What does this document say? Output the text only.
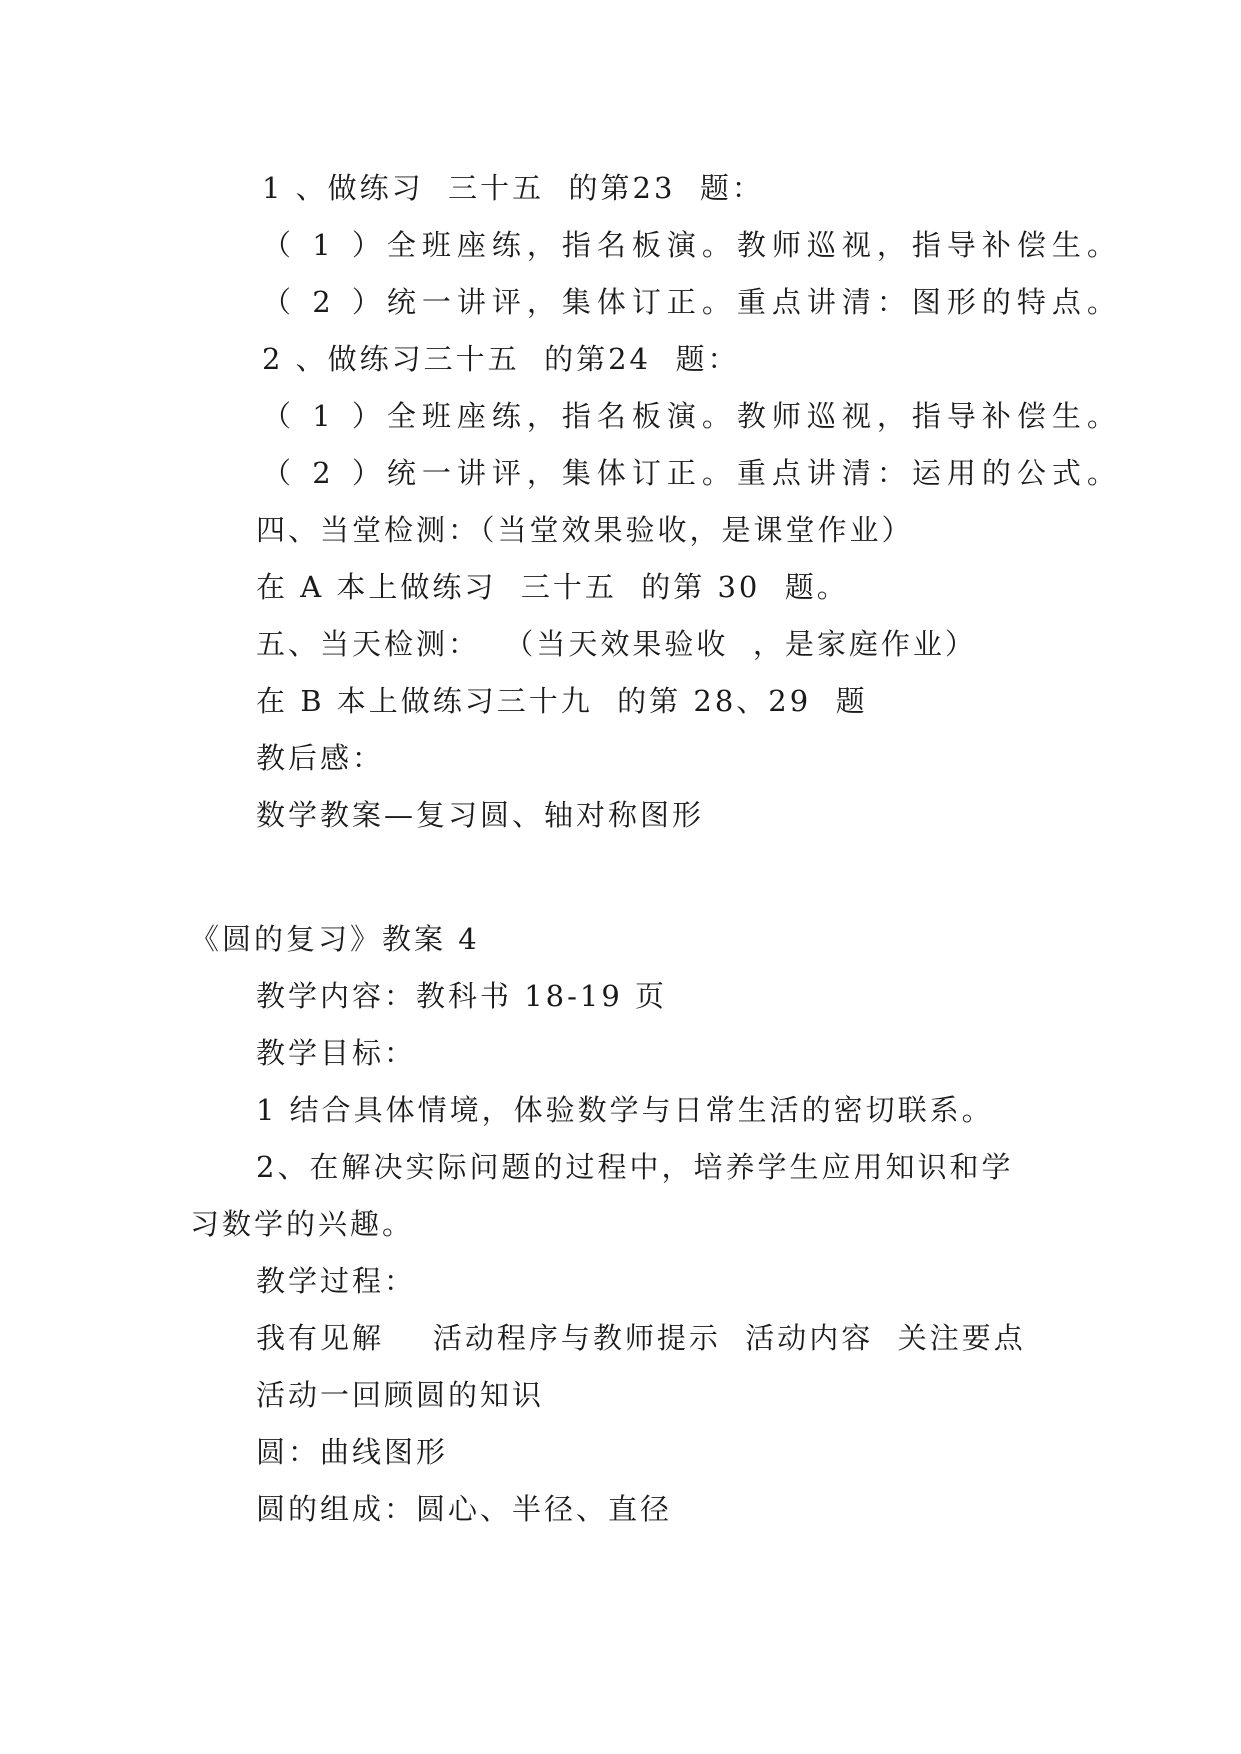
1 、做练习  三十五  的第23  题：
（ 1 ）全班座练，指名板演。教师巡视，指导补偿生。
（ 2 ）统一讲评，集体订正。重点讲清：图形的特点。
2 、做练习三十五  的第24  题：
（ 1 ）全班座练，指名板演。教师巡视，指导补偿生。
（ 2 ）统一讲评，集体订正。重点讲清：运用的公式。
四、当堂检测：（当堂效果验收，是课堂作业）
在 A 本上做练习  三十五  的第 30  题。
五、当天检测：  （当天效果验收  ，是家庭作业）
在 B 本上做练习三十九  的第 28、29  题
教后感：
数学教案—复习圆、轴对称图形
《圆的复习》教案 4
教学内容：教科书 18-19 页
教学目标：
1 结合具体情境，体验数学与日常生活的密切联系。
2、在解决实际问题的过程中，培养学生应用知识和学
习数学的兴趣。
教学过程：
我有见解    活动程序与教师提示  活动内容  关注要点
活动一回顾圆的知识
圆：曲线图形
圆的组成：圆心、半径、直径
